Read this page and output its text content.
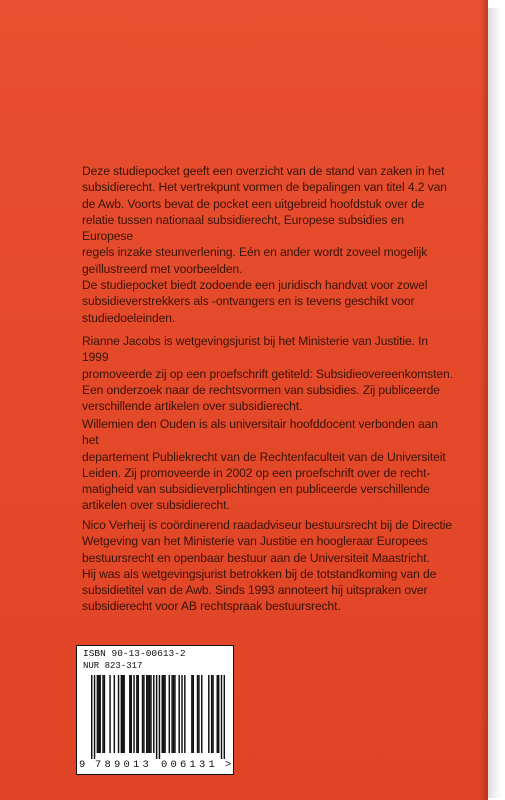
Deze studiepocket geeft een overzicht van de stand van zaken in het

subsidierecht. Het vertrekpunt vormen de bepalingen van titel 4.2 van

de Awb. Voorts bevat de pocket een uitgebreid hoofdstuk over de

relatie tussen nationaal subsidierecht, Europese subsidies en Europese

regels inzake steunverlening. Eén en ander wordt zoveel mogelijk

geïllustreerd met voorbeelden.

De studiepocket biedt zodoende een juridisch handvat voor zowel

subsidieverstrekkers als -ontvangers en is tevens geschikt voor

studiedoeleinden.

Rianne Jacobs is wetgevingsjurist bij het Ministerie van Justitie. In 1999

promoveerde zij op een proefschrift getiteld: Subsidieovereenkomsten.

Een onderzoek naar de rechtsvormen van subsidies. Zij publiceerde

verschillende artikelen over subsidierecht.

Willemien den Ouden is als universitair hoofddocent verbonden aan het

departement Publiekrecht van de Rechtenfaculteit van de Universiteit

Leiden. Zij promoveerde in 2002 op een proefschrift over de recht-

matigheid van subsidieverplichtingen en publiceerde verschillende

artikelen over subsidierecht.

Nico Verheij is coördinerend raadadviseur bestuursrecht bij de Directie

Wetgeving van het Ministerie van Justitie en hoogleraar Europees

bestuursrecht en openbaar bestuur aan de Universiteit Maastricht.

Hij was als wetgevingsjurist betrokken bij de totstandkoming van de

subsidietitel van de Awb. Sinds 1993 annoteert hij uitspraken over

subsidierecht voor AB rechtspraak bestuursrecht.

ISBN 90-13-00613-2
NUR 823-317
9 789013 006131 >
